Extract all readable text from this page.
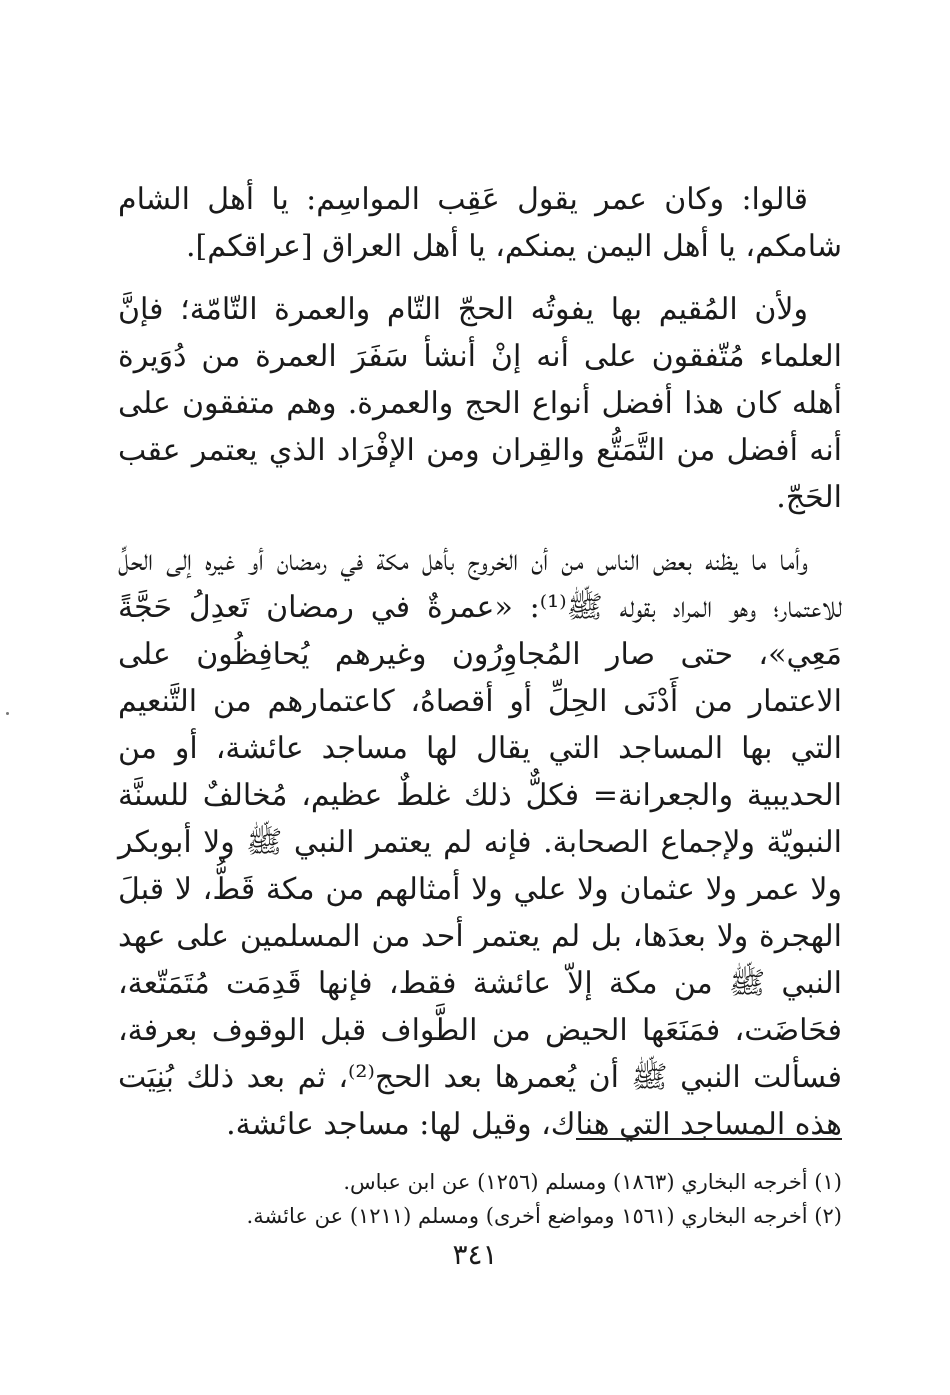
قالوا: وكان عمر يقول عَقِب المواسِم: يا أهل الشام شامكم، يا أهل اليمن يمنكم، يا أهل العراق [عراقكم].

ولأن المُقيم بها يفوتُه الحجّ التّام والعمرة التّامّة؛ فإنَّ العلماء مُتّفقون على أنه إنْ أنشأ سَفَرَ العمرة من دُوَيرة أهله كان هذا أفضل أنواع الحج والعمرة. وهم متفقون على أنه أفضل من التَّمَتُّع والقِران ومن الإفْرَاد الذي يعتمر عقب الحَجّ.

وأما ما يظنه بعض الناس من أن الخروج بأهل مكة في رمضان أو غيره إلى الحلِّ للاعتمار؛ وهو المراد بقوله ﷺ⁽¹⁾: «عمرةٌ في رمضان تَعدِلُ حَجَّةً مَعِي»، حتى صار المُجاوِرُون وغيرهم يُحافِظُون على الاعتمار من أَدْنَى الحِلِّ أو أقصاهُ، كاعتمارهم من التَّنعيم التي بها المساجد التي يقال لها مساجد عائشة، أو من الحديبية والجعرانة= فكلٌّ ذلك غلطٌ عظيم، مُخالفٌ للسنَّة النبويّة ولإجماع الصحابة. فإنه لم يعتمر النبي ﷺ ولا أبوبكر ولا عمر ولا عثمان ولا علي ولا أمثالهم من مكة قَطُّ، لا قبلَ الهجرة ولا بعدَها، بل لم يعتمر أحد من المسلمين على عهد النبي ﷺ من مكة إلاّ عائشة فقط، فإنها قَدِمَت مُتَمَتّعة، فحَاضَت، فمَنَعَها الحيض من الطَّواف قبل الوقوف بعرفة، فسألت النبي ﷺ أن يُعمرها بعد الحج⁽²⁾، ثم بعد ذلك بُنِيَت هذه المساجد التي هناك، وقيل لها: مساجد عائشة.

(١) أخرجه البخاري (١٨٦٣) ومسلم (١٢٥٦) عن ابن عباس.

(٢) أخرجه البخاري (١٥٦١ ومواضع أخرى) ومسلم (١٢١١) عن عائشة.

٣٤١
